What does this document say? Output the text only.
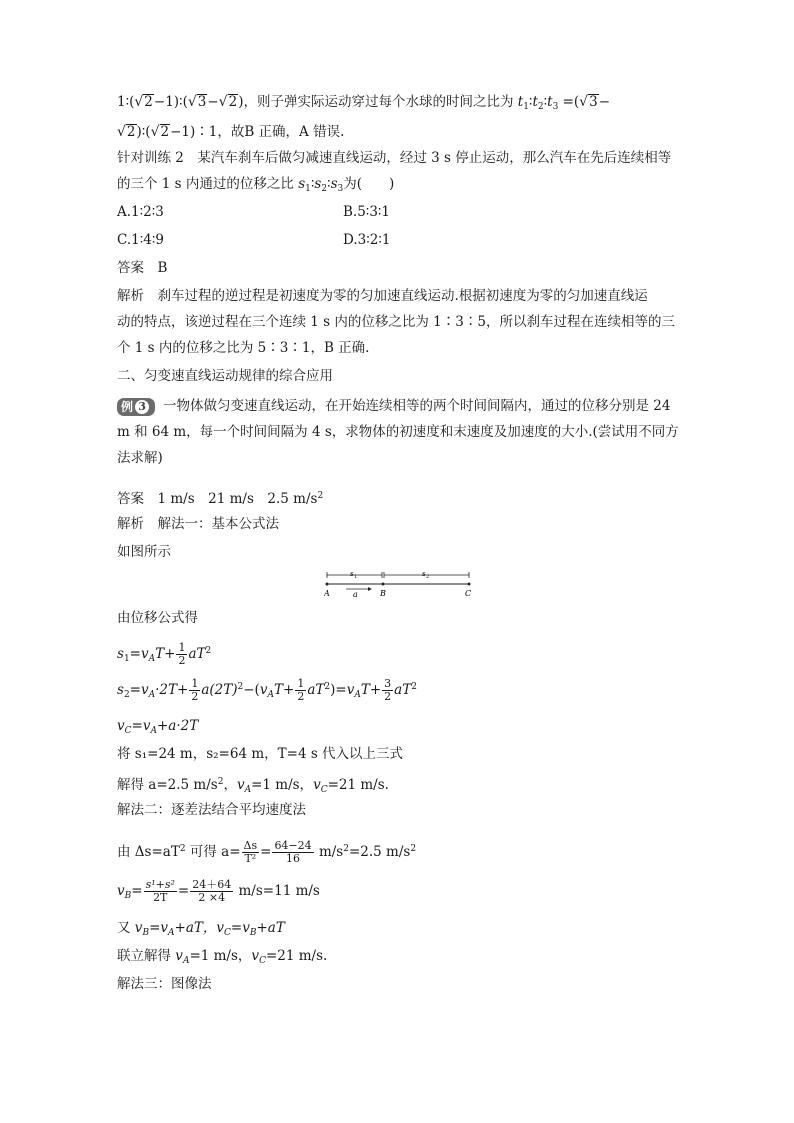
1∶(√2−1)∶(√3−√2)，则子弹实际运动穿过每个水球的时间之比为 $t_1∶t_2∶t_3 =(√3-$
√2)∶(√2−1)∶1，故B 正确，A 错误.
针对训练 2　某汽车刹车后做匀减速直线运动，经过 3 s 停止运动，那么汽车在先后连续相等
的三个 1 s 内通过的位移之比 $s_1∶s_2∶s_3$为(　　)
A.1∶2∶3	B.5∶3∶1
C.1∶4∶9	D.3∶2∶1
答案　B
解析　刹车过程的逆过程是初速度为零的匀加速直线运动.根据初速度为零的匀加速直线运
动的特点，该逆过程在三个连续 1 s 内的位移之比为 1∶3∶5，所以刹车过程在连续相等的三
个 1 s 内的位移之比为 5∶3∶1，B 正确.
二、匀变速直线运动规律的综合应用
例 3 一物体做匀变速直线运动，在开始连续相等的两个时间间隔内，通过的位移分别是 24
m 和 64 m，每一个时间间隔为 4 s，求物体的初速度和末速度及加速度的大小.(尝试用不同方
法求解)
答案　1 m/s　21 m/s　2.5 $m/s^2$
解析　解法一：基本公式法
如图所示
s 1	s 2
A	a	B	C
由位移公式得
$s_1=v_AT+ \frac{1}{2} aT^2$
$s_2=v_A\cdot 2T+ \frac{1}{2} a(2T)^2-(v_AT+ \frac{1}{2} aT^2)=v_AT+ \frac{3}{2} aT^2$
$v_C=v_A+a\cdot 2T$
将 s₁=24 m，s₂=64 m，T=4 s 代入以上三式
解得 a=2.5 $m/s^2$，$v_A=1$ m/s，$v_C=21$ m/s.
解法二：逐差法结合平均速度法
由 $\Delta s=aT^2$ 可得 $a= \frac{\Delta s}{\text{T²}} = \frac{64-24}{16} m/s^2=2.5$ $m/s^2$
$v_B= \frac{\text{s¹+s²}}{2T} = \frac{24+64}{2 \times 4} m/s=11$ m/s
又 $v_B=v_A+aT$，$v_C=v_B+aT$
联立解得 $v_A=1$ m/s，$v_C=21$ m/s.
解法三：图像法
